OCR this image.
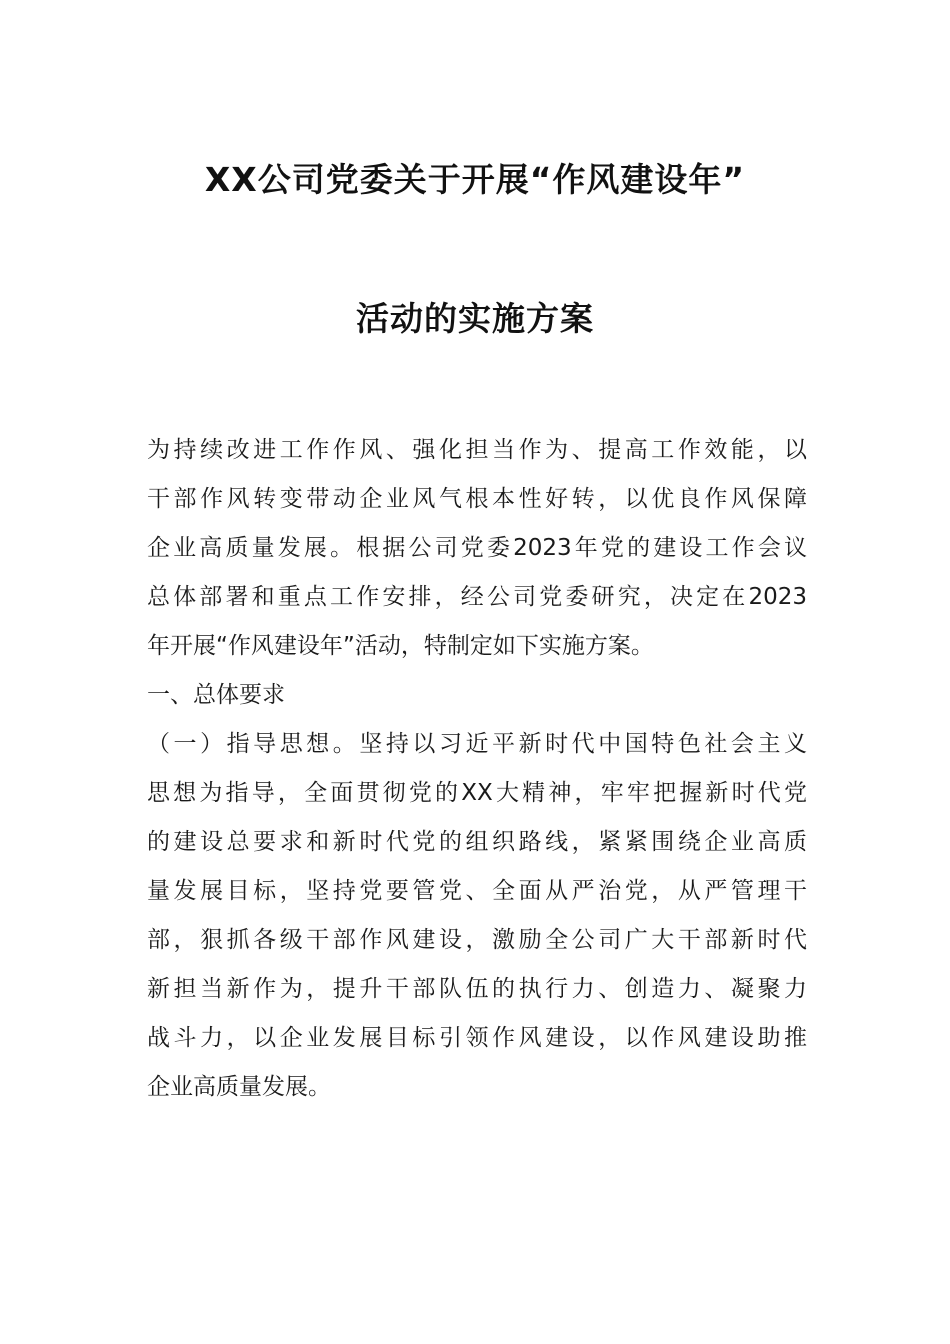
XX公司党委关于开展“作风建设年”
活动的实施方案
为持续改进工作作风、强化担当作为、提高工作效能，以
干部作风转变带动企业风气根本性好转，以优良作风保障
企业高质量发展。根据公司党委2023年党的建设工作会议
总体部署和重点工作安排，经公司党委研究，决定在2023
年开展“作风建设年”活动，特制定如下实施方案。
一、总体要求
（一）指导思想。坚持以习近平新时代中国特色社会主义
思想为指导，全面贯彻党的XX大精神，牢牢把握新时代党
的建设总要求和新时代党的组织路线，紧紧围绕企业高质
量发展目标，坚持党要管党、全面从严治党，从严管理干
部，狠抓各级干部作风建设，激励全公司广大干部新时代
新担当新作为，提升干部队伍的执行力、创造力、凝聚力
战斗力，以企业发展目标引领作风建设，以作风建设助推
企业高质量发展。
